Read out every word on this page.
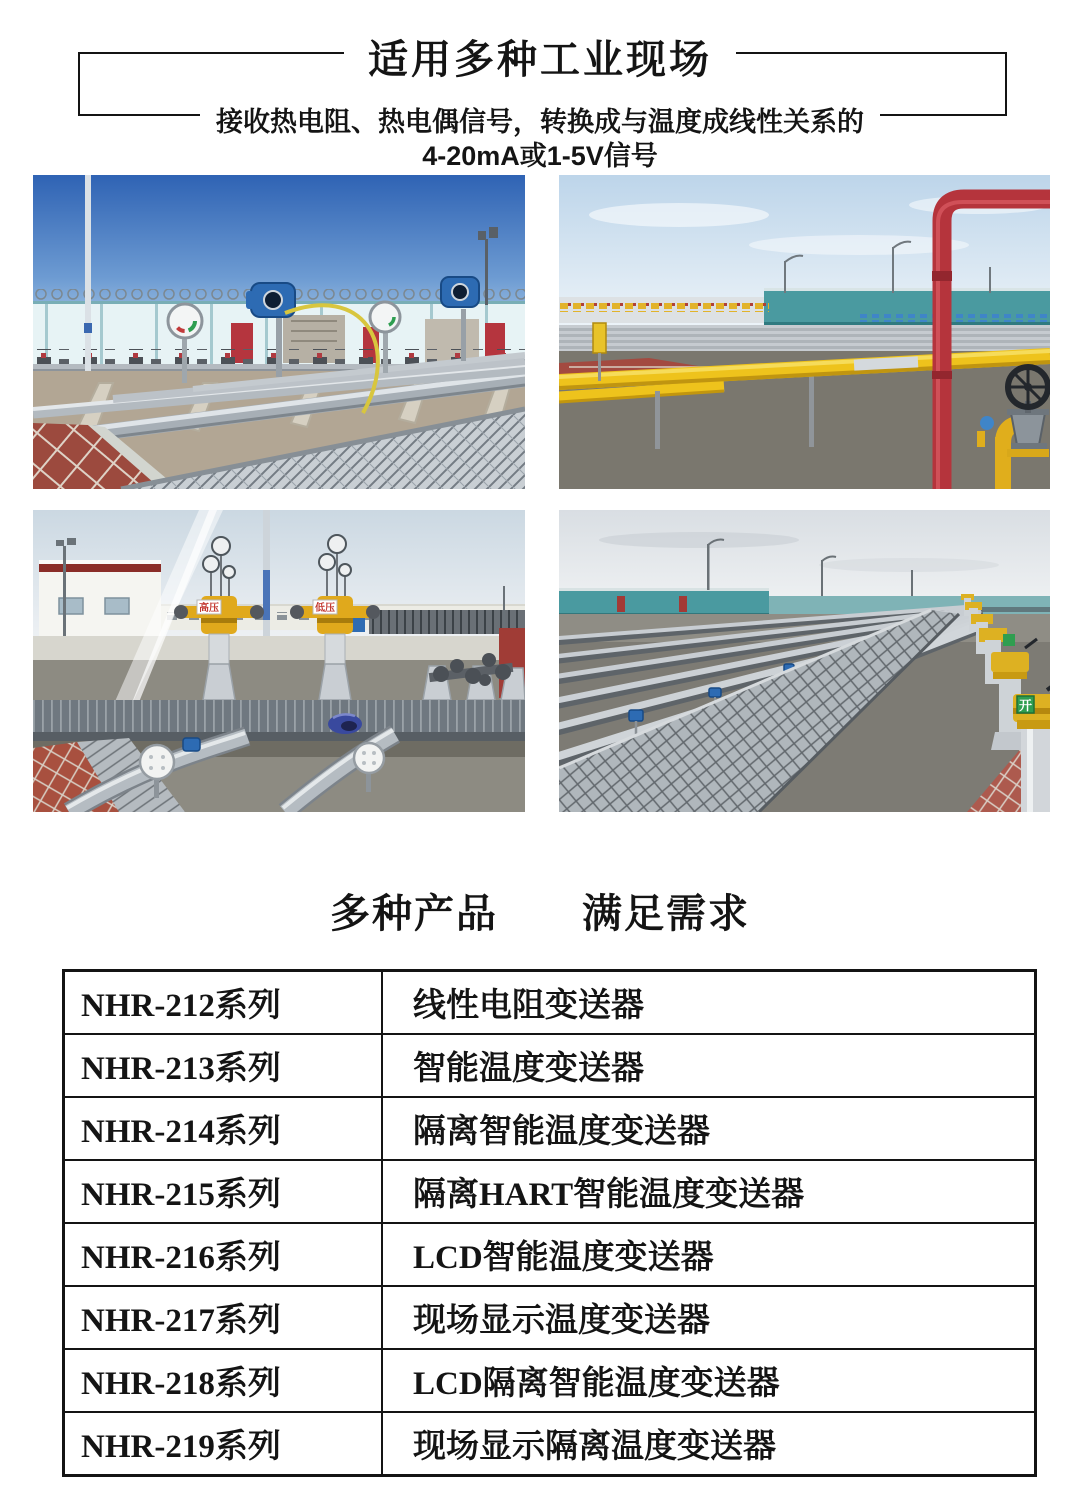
适用多种工业现场
接收热电阻、热电偶信号，转换成与温度成线性关系的
4-20mA或1-5V信号
高压	低压
开
多种产品　　满足需求
NHR-212系列	线性电阻变送器
NHR-213系列	智能温度变送器
NHR-214系列	隔离智能温度变送器
NHR-215系列	隔离HART智能温度变送器
NHR-216系列	LCD智能温度变送器
NHR-217系列	现场显示温度变送器
NHR-218系列	LCD隔离智能温度变送器
NHR-219系列	现场显示隔离温度变送器
